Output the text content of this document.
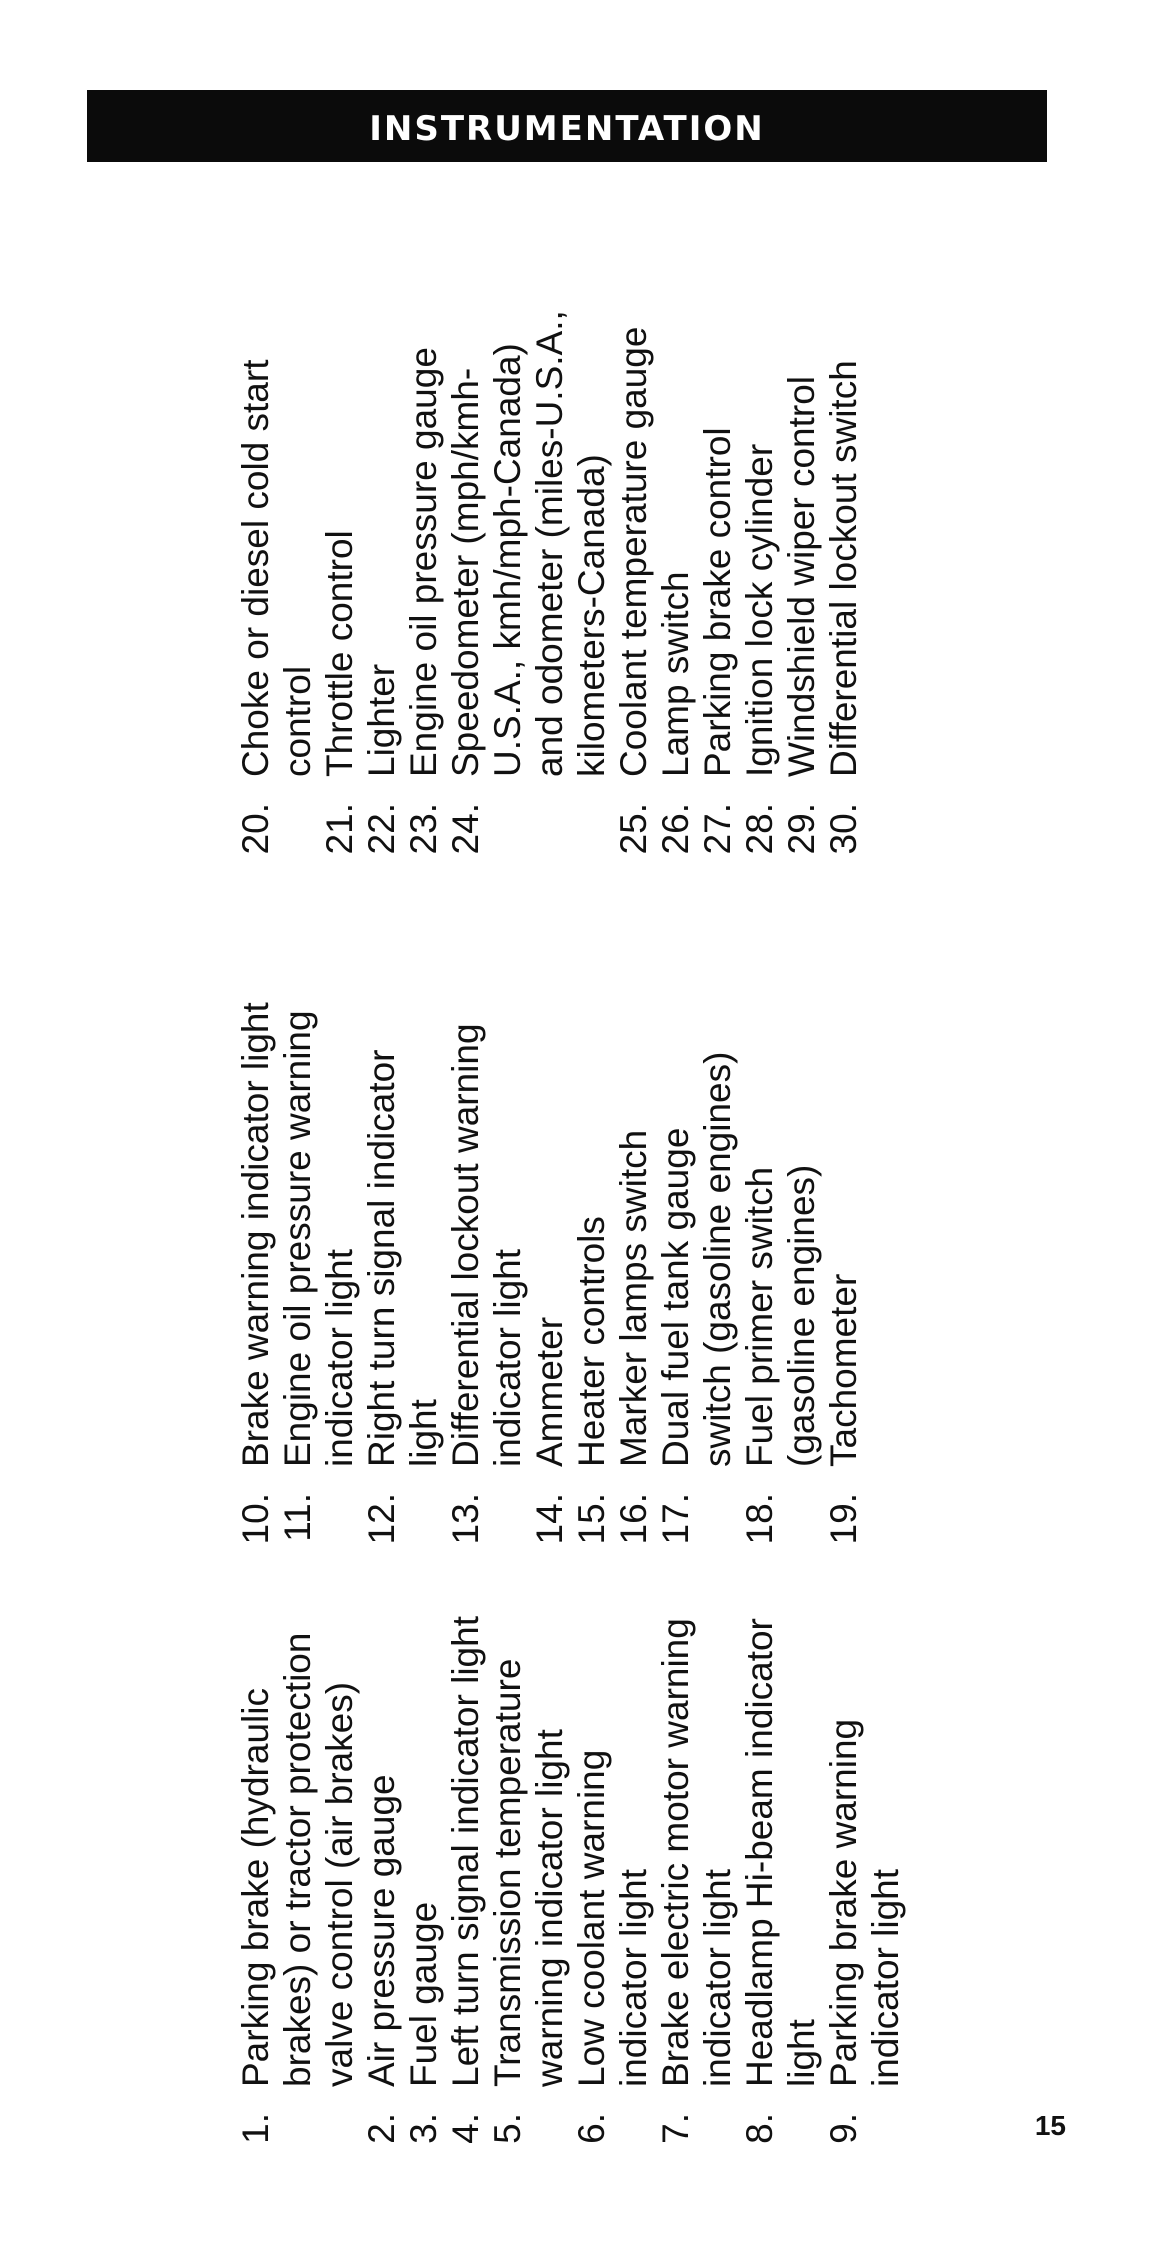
INSTRUMENTATION
1.
Parking brake (hydraulic
brakes) or tractor protection
valve control (air brakes)
2.
Air pressure gauge
3.
Fuel gauge
4.
Left turn signal indicator light
5.
Transmission temperature
warning indicator light
6.
Low coolant warning
indicator light
7.
Brake electric motor warning
indicator light
8.
Headlamp Hi-beam indicator
light
9.
Parking brake warning
indicator light
10.
Brake warning indicator light
11.
Engine oil pressure warning
indicator light
12.
Right turn signal indicator
light
13.
Differential lockout warning
indicator light
14.
Ammeter
15.
Heater controls
16.
Marker lamps switch
17.
Dual fuel tank gauge
switch (gasoline engines)
18.
Fuel primer switch
(gasoline engines)
19.
Tachometer
20.
Choke or diesel cold start
control
21.
Throttle control
22.
Lighter
23.
Engine oil pressure gauge
24.
Speedometer (mph/kmh-
U.S.A., kmh/mph-Canada)
and odometer (miles-U.S.A.,
kilometers-Canada)
25.
Coolant temperature gauge
26.
Lamp switch
27.
Parking brake control
28.
Ignition lock cylinder
29.
Windshield wiper control
30.
Differential lockout switch
15
